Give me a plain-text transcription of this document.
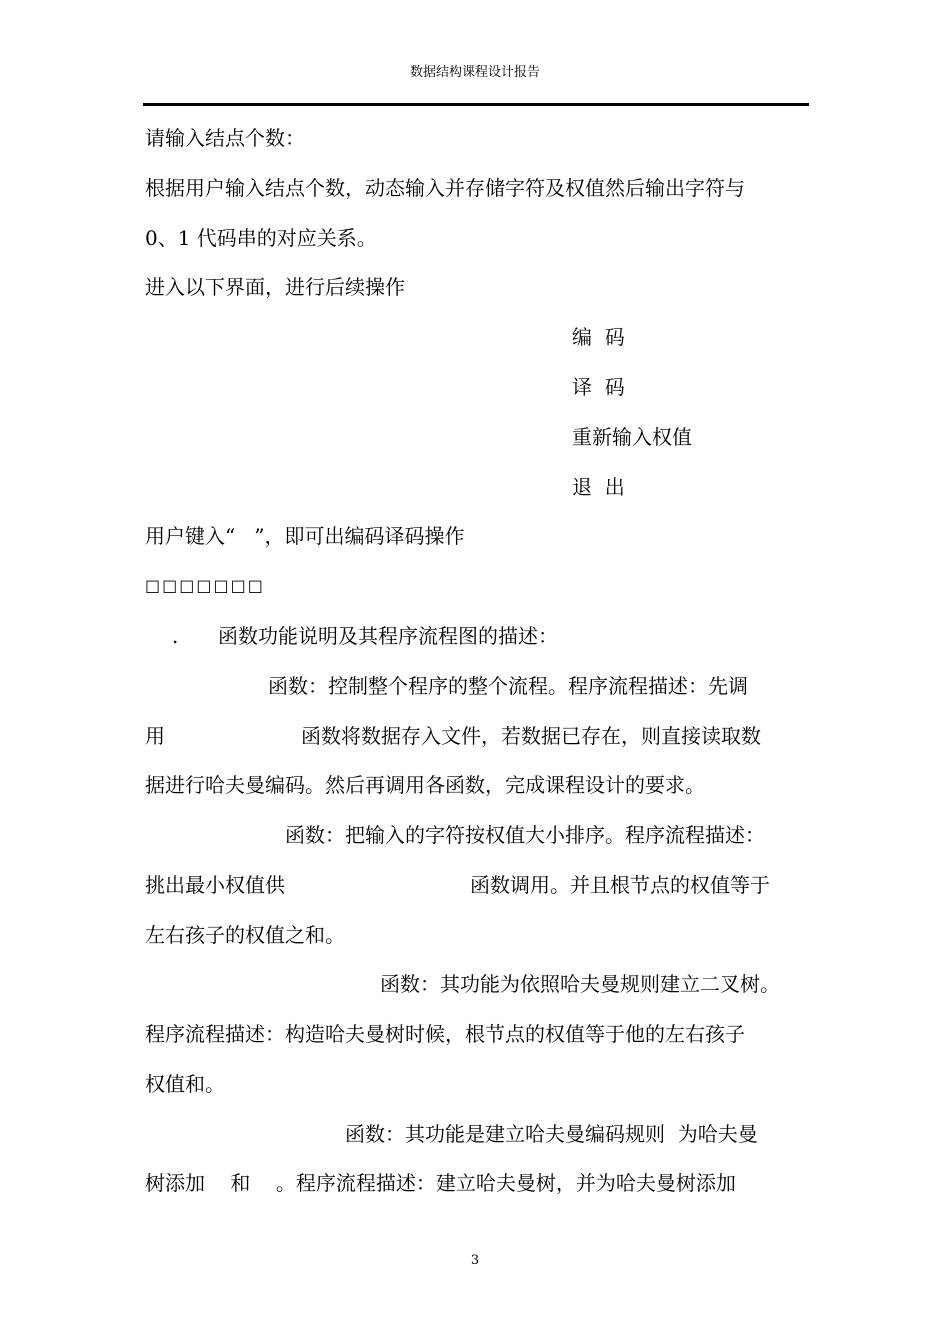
数据结构课程设计报告
请输入结点个数：
根据用户输入结点个数，动态输入并存储字符及权值然后输出字符与
0、1 代码串的对应关系。
进入以下界面，进行后续操作
编  码
译  码
重新输入权值
退  出
用户键入“   ”，即可出编码译码操作
□□□□□□□
. 函数功能说明及其程序流程图的描述：
函数：控制整个程序的整个流程。程序流程描述：先调
用	函数将数据存入文件，若数据已存在，则直接读取数
据进行哈夫曼编码。然后再调用各函数，完成课程设计的要求。
函数：把输入的字符按权值大小排序。程序流程描述：
挑出最小权值供	函数调用。并且根节点的权值等于
左右孩子的权值之和。
函数：其功能为依照哈夫曼规则建立二叉树。
程序流程描述：构造哈夫曼树时候，根节点的权值等于他的左右孩子
权值和。
函数：其功能是建立哈夫曼编码规则  为哈夫曼
树添加    和    。程序流程描述：建立哈夫曼树，并为哈夫曼树添加
3
